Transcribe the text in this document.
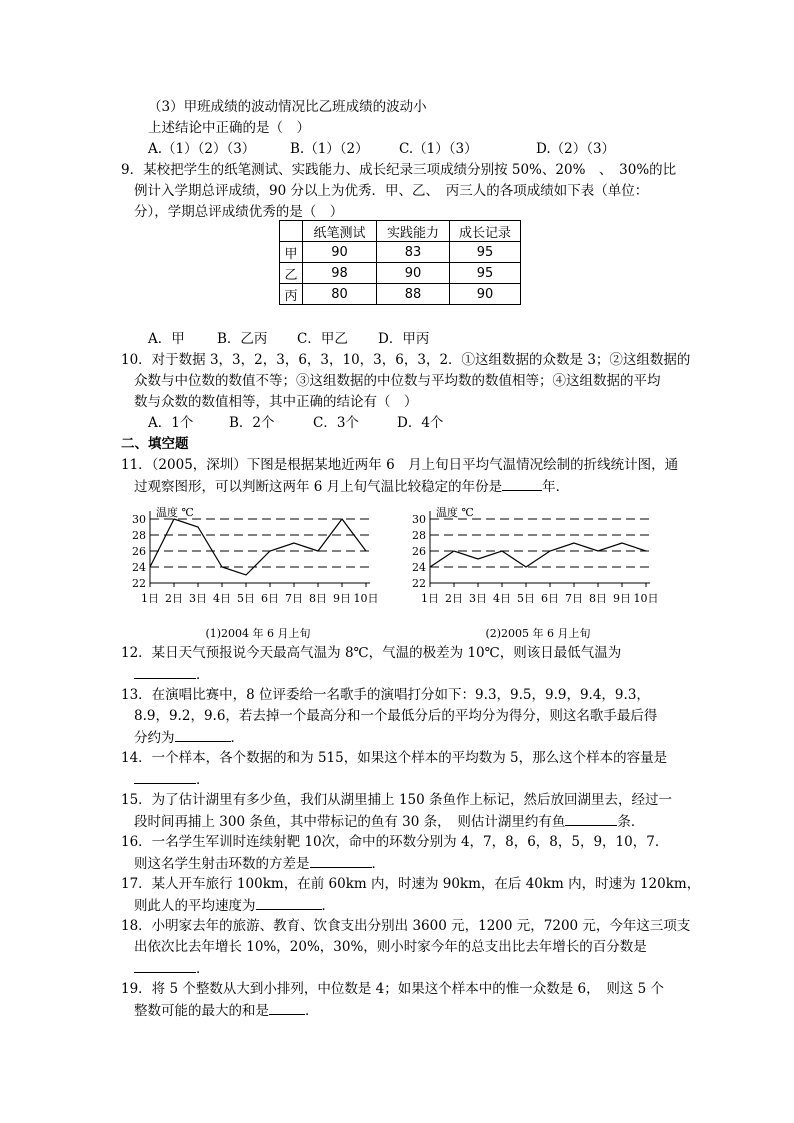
（3）甲班成绩的波动情况比乙班成绩的波动小
上述结论中正确的是（　）
A.（1）（2）（3）	B.（1）（2） C.（1）（3）	D.（2）（3）
9．某校把学生的纸笔测试、实践能力、成长纪录三项成绩分别按 50%、20%　、　30%的比
例计入学期总评成绩，90 分以上为优秀．甲、乙、　丙三人的各项成绩如下表（单位：
分），学期总评成绩优秀的是（　）
	纸笔测试	实践能力	成长记录
甲	90	83	95
乙	98	90	95
丙	80	88	90
A．甲 B．乙丙 C．甲乙 D．甲丙
10．对于数据 3，3，2，3，6，3，10，3，6，3，2．①这组数据的众数是 3；②这组数据的
众数与中位数的数值不等；③这组数据的中位数与平均数的数值相等；④这组数据的平均
数与众数的数值相等，其中正确的结论有（　）
A．1个	B．2个	C．3个	D．4个
二、填空题
11．（2005，深圳）下图是根据某地近两年 6　月上旬日平均气温情况绘制的折线统计图，通
过观察图形，可以判断这两年 6 月上旬气温比较稳定的年份是	年．
30
28
26
24
22
温度 ℃
1日 2日 3日 4日 5日 6日 7日 8日 9日 10日
(1)2004 年 6 月上旬
30
28
26
24
22
温度 ℃
1日 2日 3日 4日 5日 6日 7日 8日 9日 10日
(2)2005 年 6 月上旬
12．某日天气预报说今天最高气温为 8℃，气温的极差为 10℃，则该日最低气温为
．
13．在演唱比赛中，8 位评委给一名歌手的演唱打分如下：9.3，9.5，9.9，9.4，9.3，
8.9，9.2，9.6，若去掉一个最高分和一个最低分后的平均分为得分，则这名歌手最后得
分约为	．
14．一个样本，各个数据的和为 515，如果这个样本的平均数为 5，那么这个样本的容量是
．
15．为了估计湖里有多少鱼，我们从湖里捕上 150 条鱼作上标记，然后放回湖里去，经过一
段时间再捕上 300 条鱼，其中带标记的鱼有 30 条，　则估计湖里约有鱼	条．
16．一名学生军训时连续射靶 10次，命中的环数分别为 4，7，8，6，8，5，9，10，7．
则这名学生射击环数的方差是	．
17．某人开车旅行 100km，在前 60km 内，时速为 90km，在后 40km 内，时速为 120km，
则此人的平均速度为	．
18．小明家去年的旅游、教育、饮食支出分别出 3600 元，1200 元，7200 元，今年这三项支
出依次比去年增长 10%，20%，30%，则小时家今年的总支出比去年增长的百分数是
．
19．将 5 个整数从大到小排列，中位数是 4；如果这个样本中的惟一众数是 6，　则这 5 个
整数可能的最大的和是	．
